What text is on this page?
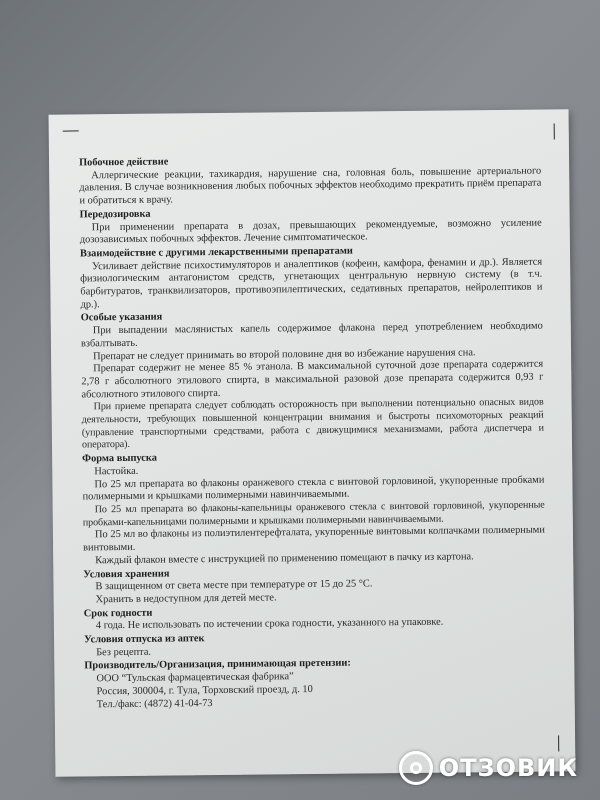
Побочное действие
Аллергические реакции, тахикардия, нарушение сна, головная боль, повышение артериального давления. В случае возникновения любых побочных эффектов необходимо прекратить приём препарата и обратиться к врачу.
Передозировка
При применении препарата в дозах, превышающих рекомендуемые, возможно усиление дозозависимых побочных эффектов. Лечение симптоматическое.
Взаимодействие с другими лекарственными препаратами
Усиливает действие психостимуляторов и аналептиков (кофеин, камфора, фенамин и др.). Является физиологическим антагонистом средств, угнетающих центральную нервную систему (в т.ч. барбитуратов, транквилизаторов, противоэпилептических, седативных препаратов, нейролептиков и др.).
Особые указания
При выпадении маслянистых капель содержимое флакона перед употреблением необходимо взбалтывать.
Препарат не следует принимать во второй половине дня во избежание нарушения сна.
Препарат содержит не менее 85 % этанола. В максимальной суточной дозе препарата содержится 2,78 г абсолютного этилового спирта, в максимальной разовой дозе препарата содержится 0,93 г абсолютного этилового спирта.
При приеме препарата следует соблюдать осторожность при выполнении потенциально опасных видов деятельности, требующих повышенной концентрации внимания и быстроты психомоторных реакций (управление транспортными средствами, работа с движущимися механизмами, работа диспетчера и оператора).
Форма выпуска
Настойка.
По 25 мл препарата во флаконы оранжевого стекла с винтовой горловиной, укупоренные пробками полимерными и крышками полимерными навинчиваемыми.
По 25 мл препарата во флаконы-капельницы оранжевого стекла с винтовой горловиной, укупоренные пробками-капельницами полимерными и крышками полимерными навинчиваемыми.
По 25 мл во флаконы из полиэтилентерефталата, укупоренные винтовыми колпачками полимерными винтовыми.
Каждый флакон вместе с инструкцией по применению помещают в пачку из картона.
Условия хранения
В защищенном от света месте при температуре от 15 до 25 °С.
Хранить в недоступном для детей месте.
Срок годности
4 года. Не использовать по истечении срока годности, указанного на упаковке.
Условия отпуска из аптек
Без рецепта.
Производитель/Организация, принимающая претензии:
ООО “Тульская фармацевтическая фабрика”
Россия, 300004, г. Тула, Торховский проезд, д. 10
Тел./факс: (4872) 41-04-73
ОТЗОВИК
